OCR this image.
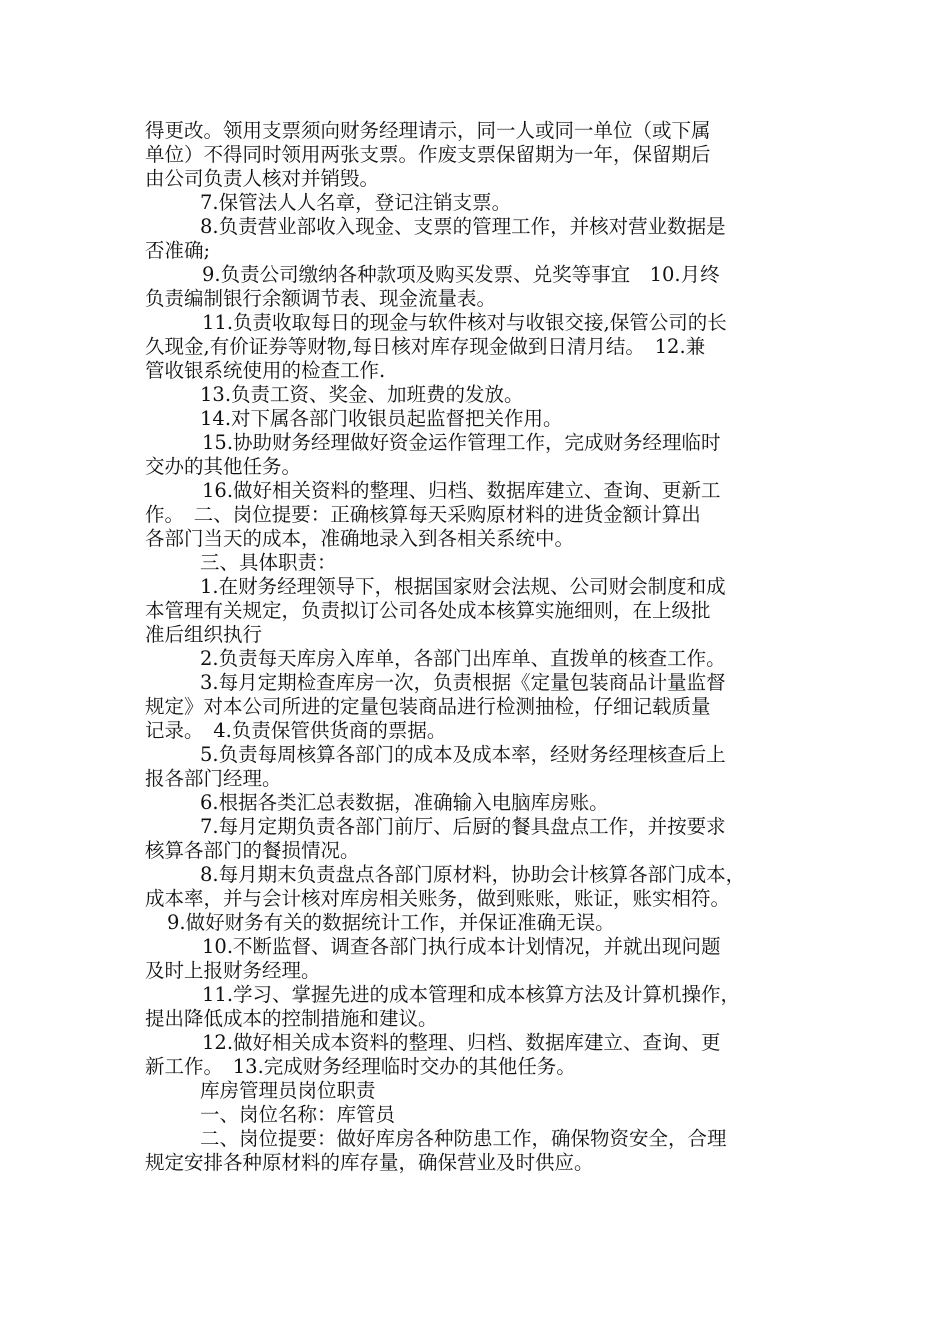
得更改。领用支票须向财务经理请示，同一人或同一单位（或下属
单位）不得同时领用两张支票。作废支票保留期为一年，保留期后
由公司负责人核对并销毁。
7.保管法人人名章，登记注销支票。
8.负责营业部收入现金、支票的管理工作，并核对营业数据是
否准确;
9.负责公司缴纳各种款项及购买发票、兑奖等事宜　10.月终
负责编制银行余额调节表、现金流量表。
11.负责收取每日的现金与软件核对与收银交接,保管公司的长
久现金,有价证券等财物,每日核对库存现金做到日清月结。　12.兼
管收银系统使用的检查工作.
13.负责工资、奖金、加班费的发放。
14.对下属各部门收银员起监督把关作用。
15.协助财务经理做好资金运作管理工作，完成财务经理临时
交办的其他任务。
16.做好相关资料的整理、归档、数据库建立、查询、更新工
作。　二、岗位提要：正确核算每天采购原材料的进货金额计算出
各部门当天的成本，准确地录入到各相关系统中。
三、具体职责：
1.在财务经理领导下，根据国家财会法规、公司财会制度和成
本管理有关规定，负责拟订公司各处成本核算实施细则，在上级批
准后组织执行
2.负责每天库房入库单，各部门出库单、直拨单的核查工作。
3.每月定期检查库房一次，负责根据《定量包装商品计量监督
规定》对本公司所进的定量包装商品进行检测抽检，仔细记载质量
记录。　4.负责保管供货商的票据。
5.负责每周核算各部门的成本及成本率，经财务经理核查后上
报各部门经理。
6.根据各类汇总表数据，准确输入电脑库房账。
7.每月定期负责各部门前厅、后厨的餐具盘点工作，并按要求
核算各部门的餐损情况。
8.每月期末负责盘点各部门原材料，协助会计核算各部门成本，
成本率，并与会计核对库房相关账务，做到账账，账证，账实相符。
9.做好财务有关的数据统计工作，并保证准确无误。
10.不断监督、调查各部门执行成本计划情况，并就出现问题
及时上报财务经理。
11.学习、掌握先进的成本管理和成本核算方法及计算机操作，
提出降低成本的控制措施和建议。
12.做好相关成本资料的整理、归档、数据库建立、查询、更
新工作。　13.完成财务经理临时交办的其他任务。
库房管理员岗位职责
一、岗位名称：库管员
二、岗位提要：做好库房各种防患工作，确保物资安全，合理
规定安排各种原材料的库存量，确保营业及时供应。
